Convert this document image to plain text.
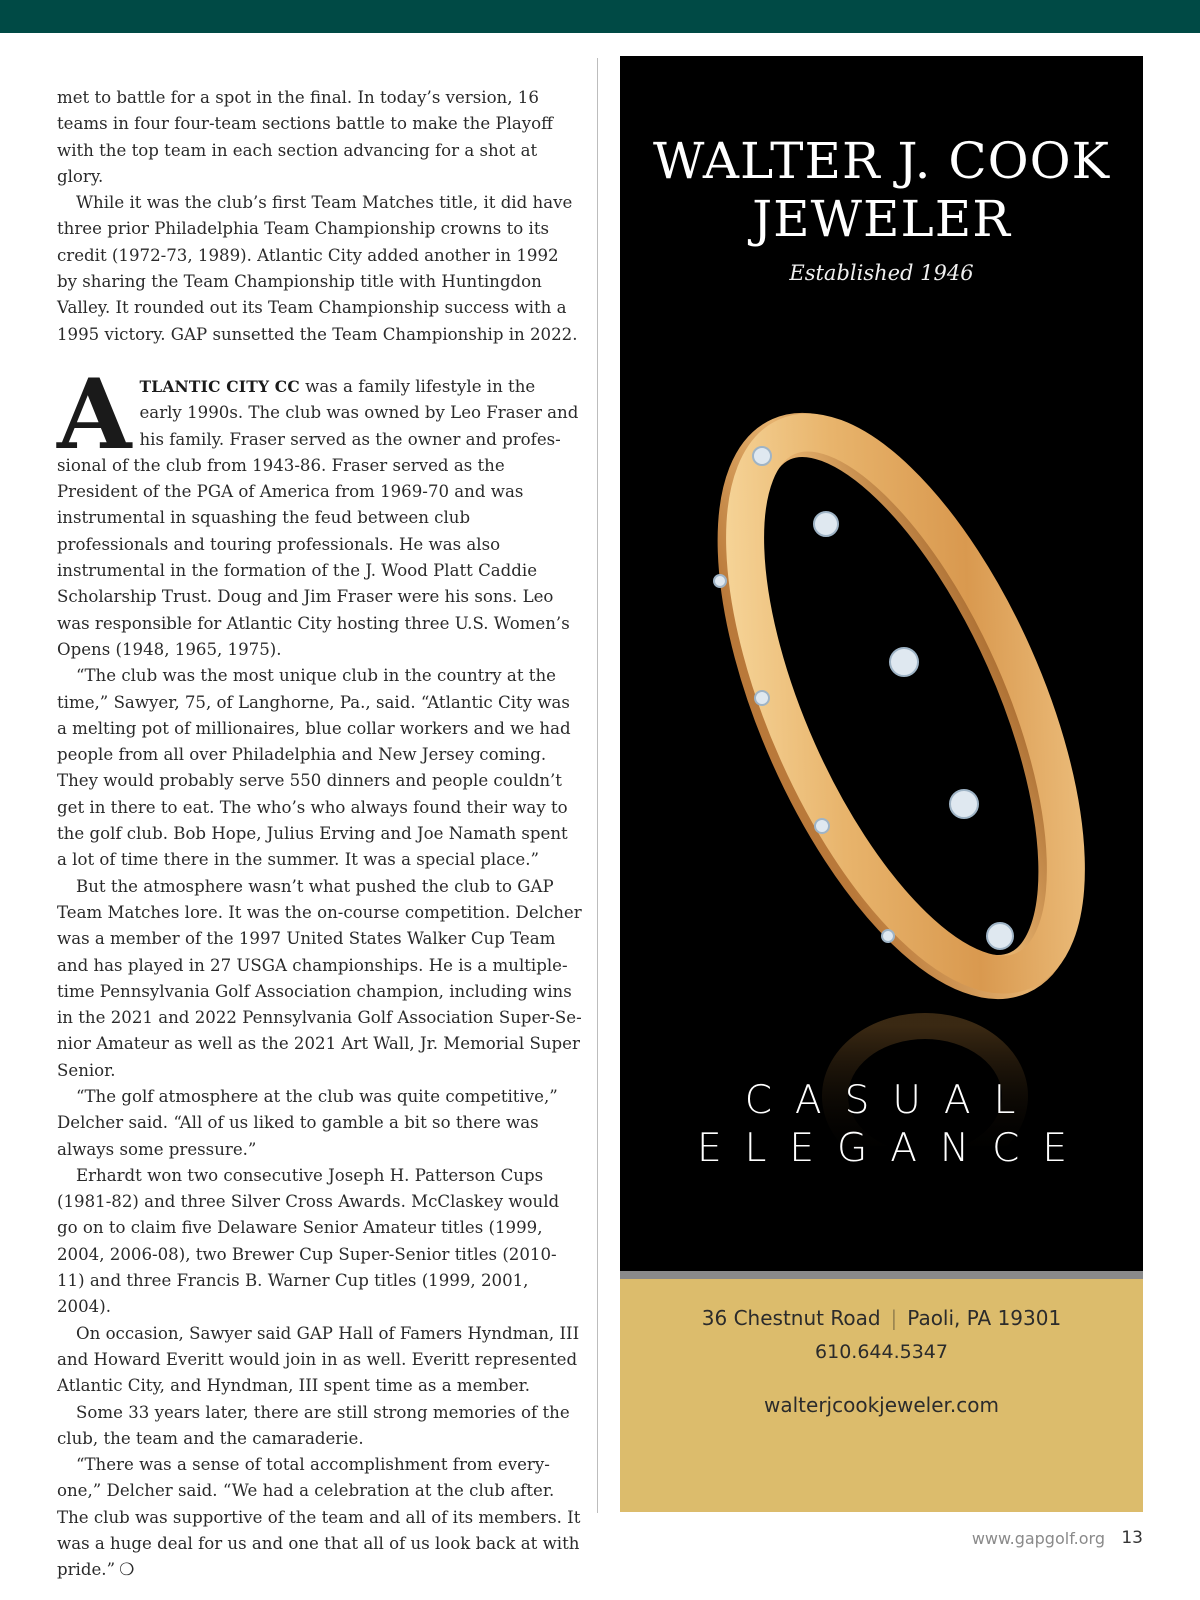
met to battle for a spot in the final. In today’s version, 16 teams in four four-team sections battle to make the Playoff with the top team in each section advancing for a shot at glory.

While it was the club’s first Team Matches title, it did have three prior Philadelphia Team Championship crowns to its credit (1972-73, 1989). Atlantic City added another in 1992 by sharing the Team Championship title with Huntingdon Valley. It rounded out its Team Championship success with a 1995 victory. GAP sunsetted the Team Championship in 2022.

ATLANTIC CITY CC was a family lifestyle in the early 1990s. The club was owned by Leo Fraser and his family. Fraser served as the owner and professional of the club from 1943-86. Fraser served as the President of the PGA of America from 1969-70 and was instrumental in squashing the feud between club professionals and touring professionals. He was also instrumental in the formation of the J. Wood Platt Caddie Scholarship Trust. Doug and Jim Fraser were his sons. Leo was responsible for Atlantic City hosting three U.S. Women’s Opens (1948, 1965, 1975).

“The club was the most unique club in the country at the time,” Sawyer, 75, of Langhorne, Pa., said. “Atlantic City was a melting pot of millionaires, blue collar workers and we had people from all over Philadelphia and New Jersey coming. They would probably serve 550 dinners and people couldn’t get in there to eat. The who’s who always found their way to the golf club. Bob Hope, Julius Erving and Joe Namath spent a lot of time there in the summer. It was a special place.”

But the atmosphere wasn’t what pushed the club to GAP Team Matches lore. It was the on-course competition. Delcher was a member of the 1997 United States Walker Cup Team and has played in 27 USGA championships. He is a multiple-time Pennsylvania Golf Association champion, including wins in the 2021 and 2022 Pennsylvania Golf Association Super-Senior Amateur as well as the 2021 Art Wall, Jr. Memorial Super Senior.

“The golf atmosphere at the club was quite competitive,” Delcher said. “All of us liked to gamble a bit so there was always some pressure.”

Erhardt won two consecutive Joseph H. Patterson Cups (1981-82) and three Silver Cross Awards. McClaskey would go on to claim five Delaware Senior Amateur titles (1999, 2004, 2006-08), two Brewer Cup Super-Senior titles (2010-11) and three Francis B. Warner Cup titles (1999, 2001, 2004).

On occasion, Sawyer said GAP Hall of Famers Hyndman, III and Howard Everitt would join in as well. Everitt represented Atlantic City, and Hyndman, III spent time as a member.

Some 33 years later, there are still strong memories of the club, the team and the camaraderie.

“There was a sense of total accomplishment from everyone,” Delcher said. “We had a celebration at the club after. The club was supportive of the team and all of its members. It was a huge deal for us and one that all of us look back at with pride.” ❍

WALTER J. COOK
JEWELER
Established 1946
CASUAL
ELEGANCE
36 Chestnut Road | Paoli, PA 19301
610.644.5347
walterjcookjeweler.com
www.gapgolf.org 13
